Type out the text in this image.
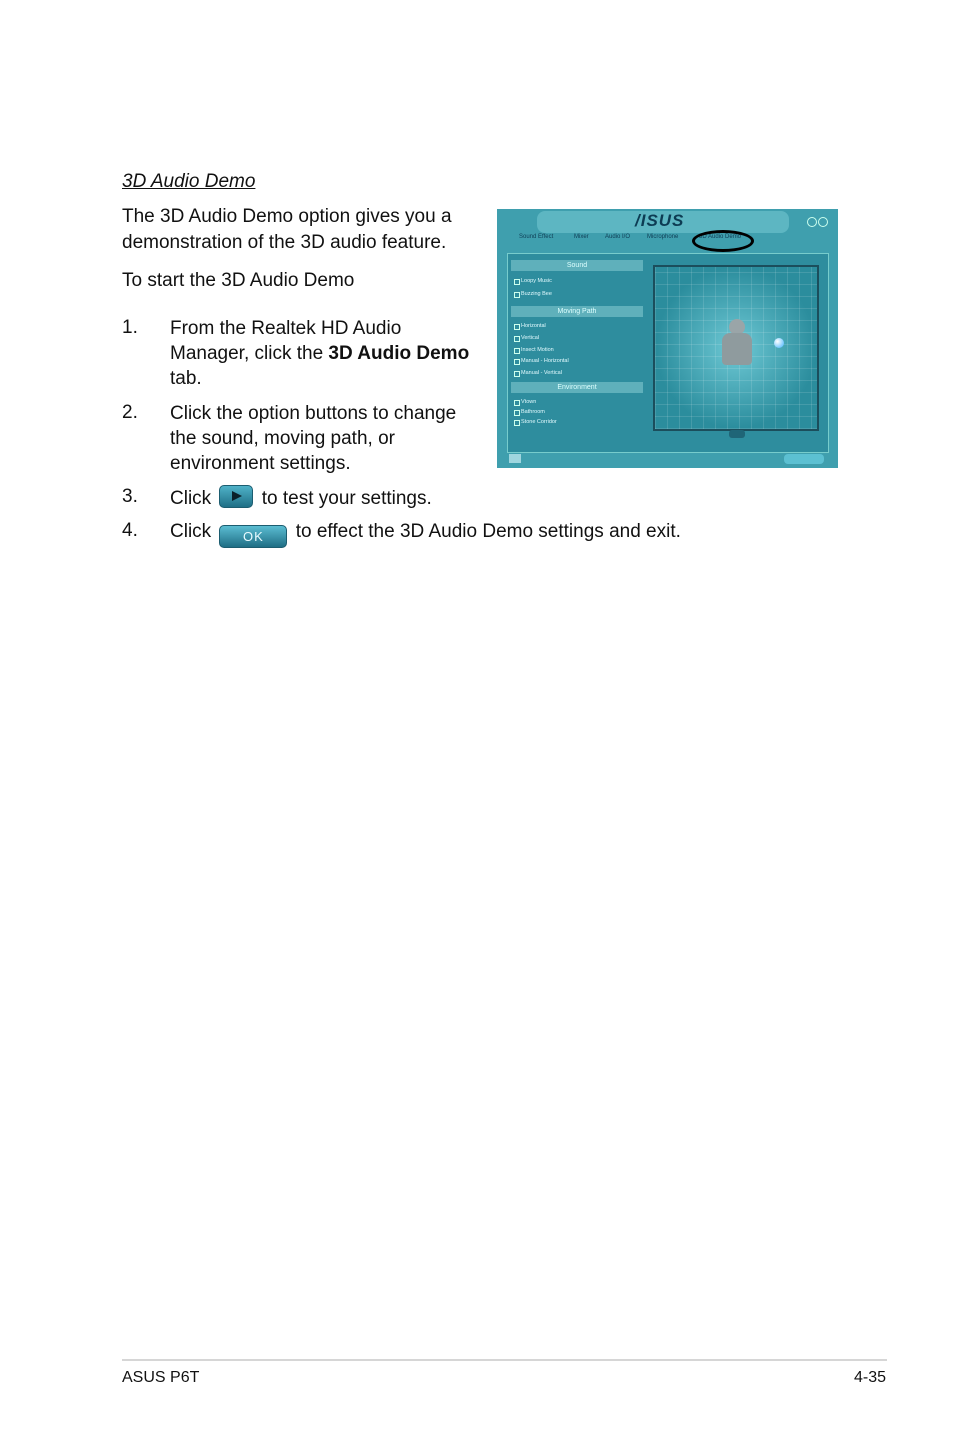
3D Audio Demo
The 3D Audio Demo option gives you a
demonstration of the 3D audio feature.
To start the 3D Audio Demo
1. From the Realtek HD Audio
Manager, click the 3D Audio Demo
tab.
2. Click the option buttons to change
the sound, moving path, or
environment settings.
3. Click	to test your settings.
4. Click OK to effect the 3D Audio Demo settings and exit.
/ISUS
Sound Effect	Mixer	Audio I/O	Microphone	3D Audio Demo
Sound
Loopy Music
Buzzing Bee
Moving Path
Horizontal
Vertical
Insect Motion
Manual - Horizontal
Manual - Vertical
Environment
Vtown
Bathroom
Stone Corridor
ASUS P6T	4-35
